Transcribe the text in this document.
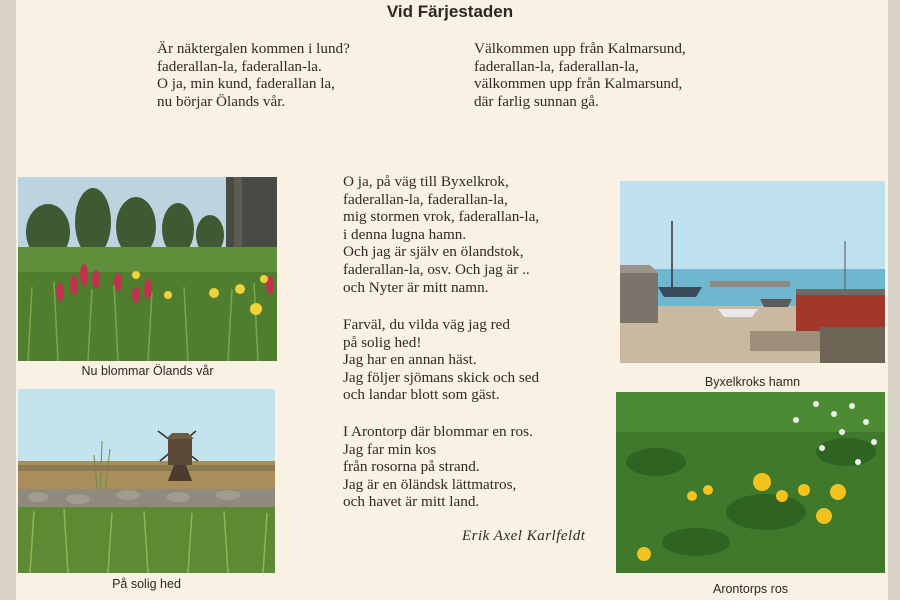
Vid Färjestaden
Är näktergalen kommen i lund?
faderallan-la, faderallan-la.
O ja, min kund, faderallan la,
nu börjar Ölands vår.
Välkommen upp från Kalmarsund,
faderallan-la, faderallan-la,
välkommen upp från Kalmarsund,
där farlig sunnan gå.
O ja, på väg till Byxelkrok,
faderallan-la, faderallan-la,
mig stormen vrok, faderallan-la,
i denna lugna hamn.
Och jag är själv en ölandstok,
faderallan-la, osv. Och jag är ..
och Nyter är mitt namn.
Farväl, du vilda väg jag red
på solig hed!
Jag har en annan häst.
Jag följer sjömans skick och sed
och landar blott som gäst.
I Arontorp där blommar en ros.
Jag far min kos
från rosorna på strand.
Jag är en öländsk lättmatros,
och havet är mitt land.
Erik Axel Karlfeldt
Nu blommar Ölands vår
Byxelkroks hamn
På solig hed	Arontorps ros
